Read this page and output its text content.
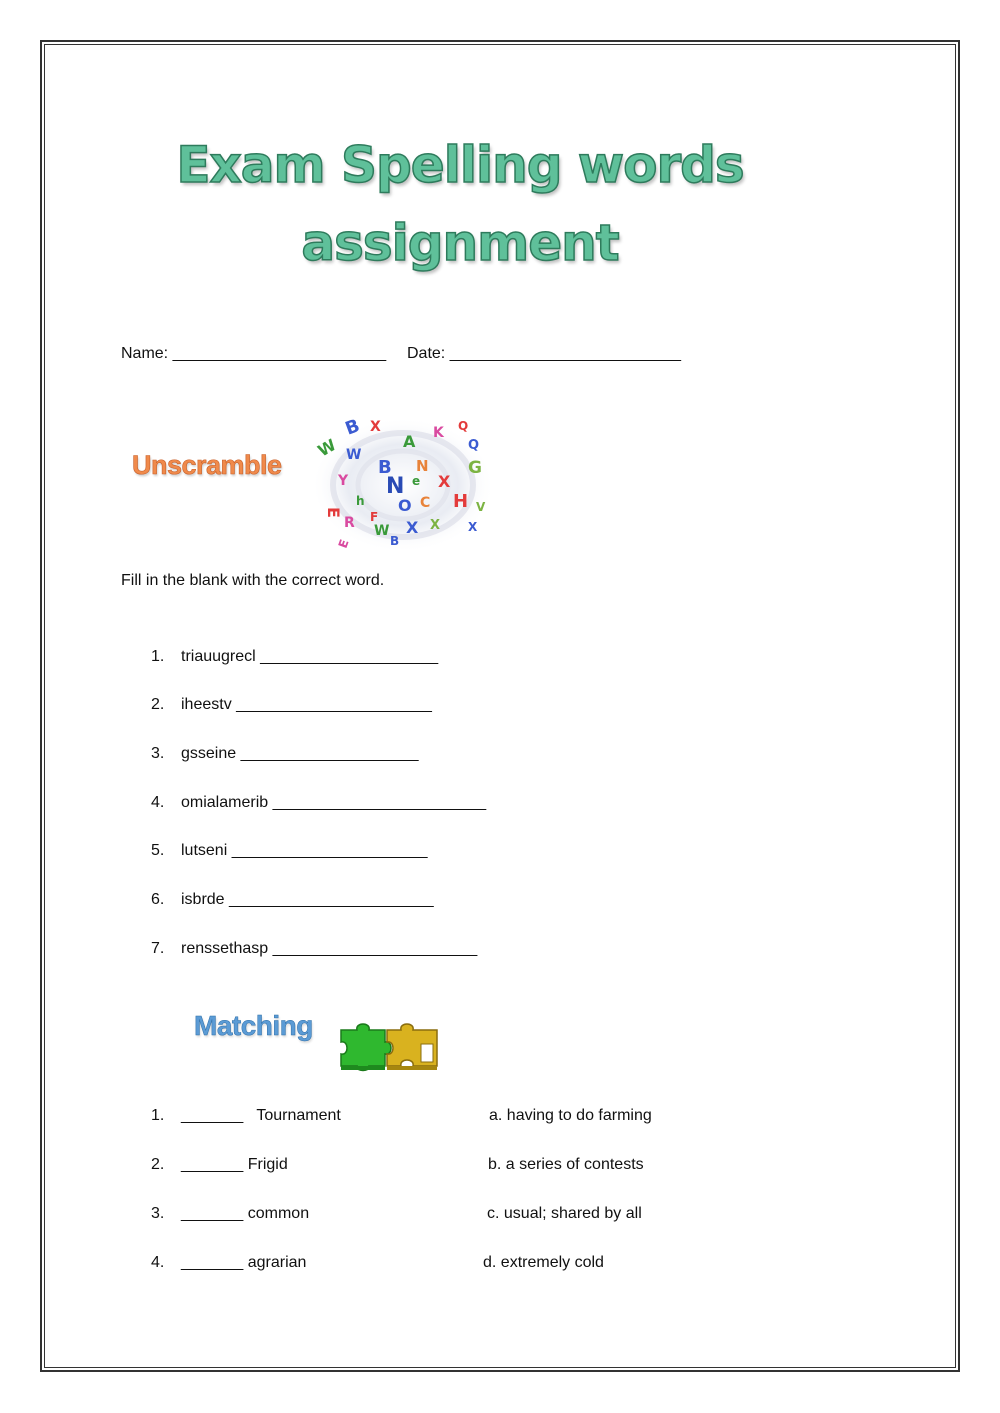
Exam Spelling words
assignment
Name: ________________________ Date: __________________________
Unscramble
B X
A K Q
Q
W W
B N G
Y N e X
H
E
h O C	V
R F
W X X X
B
E
Fill in the blank with the correct word.
1. triauugrecl ____________________
2. iheestv ______________________
3. gsseine ____________________
4. omialamerib ________________________
5. lutseni ______________________
6. isbrde _______________________
7. renssethasp _______________________
Matching
1. _______   Tournament	a. having to do farming
2. _______ Frigid	b. a series of contests
3. _______ common	c. usual; shared by all
4. _______ agrarian	d. extremely cold
